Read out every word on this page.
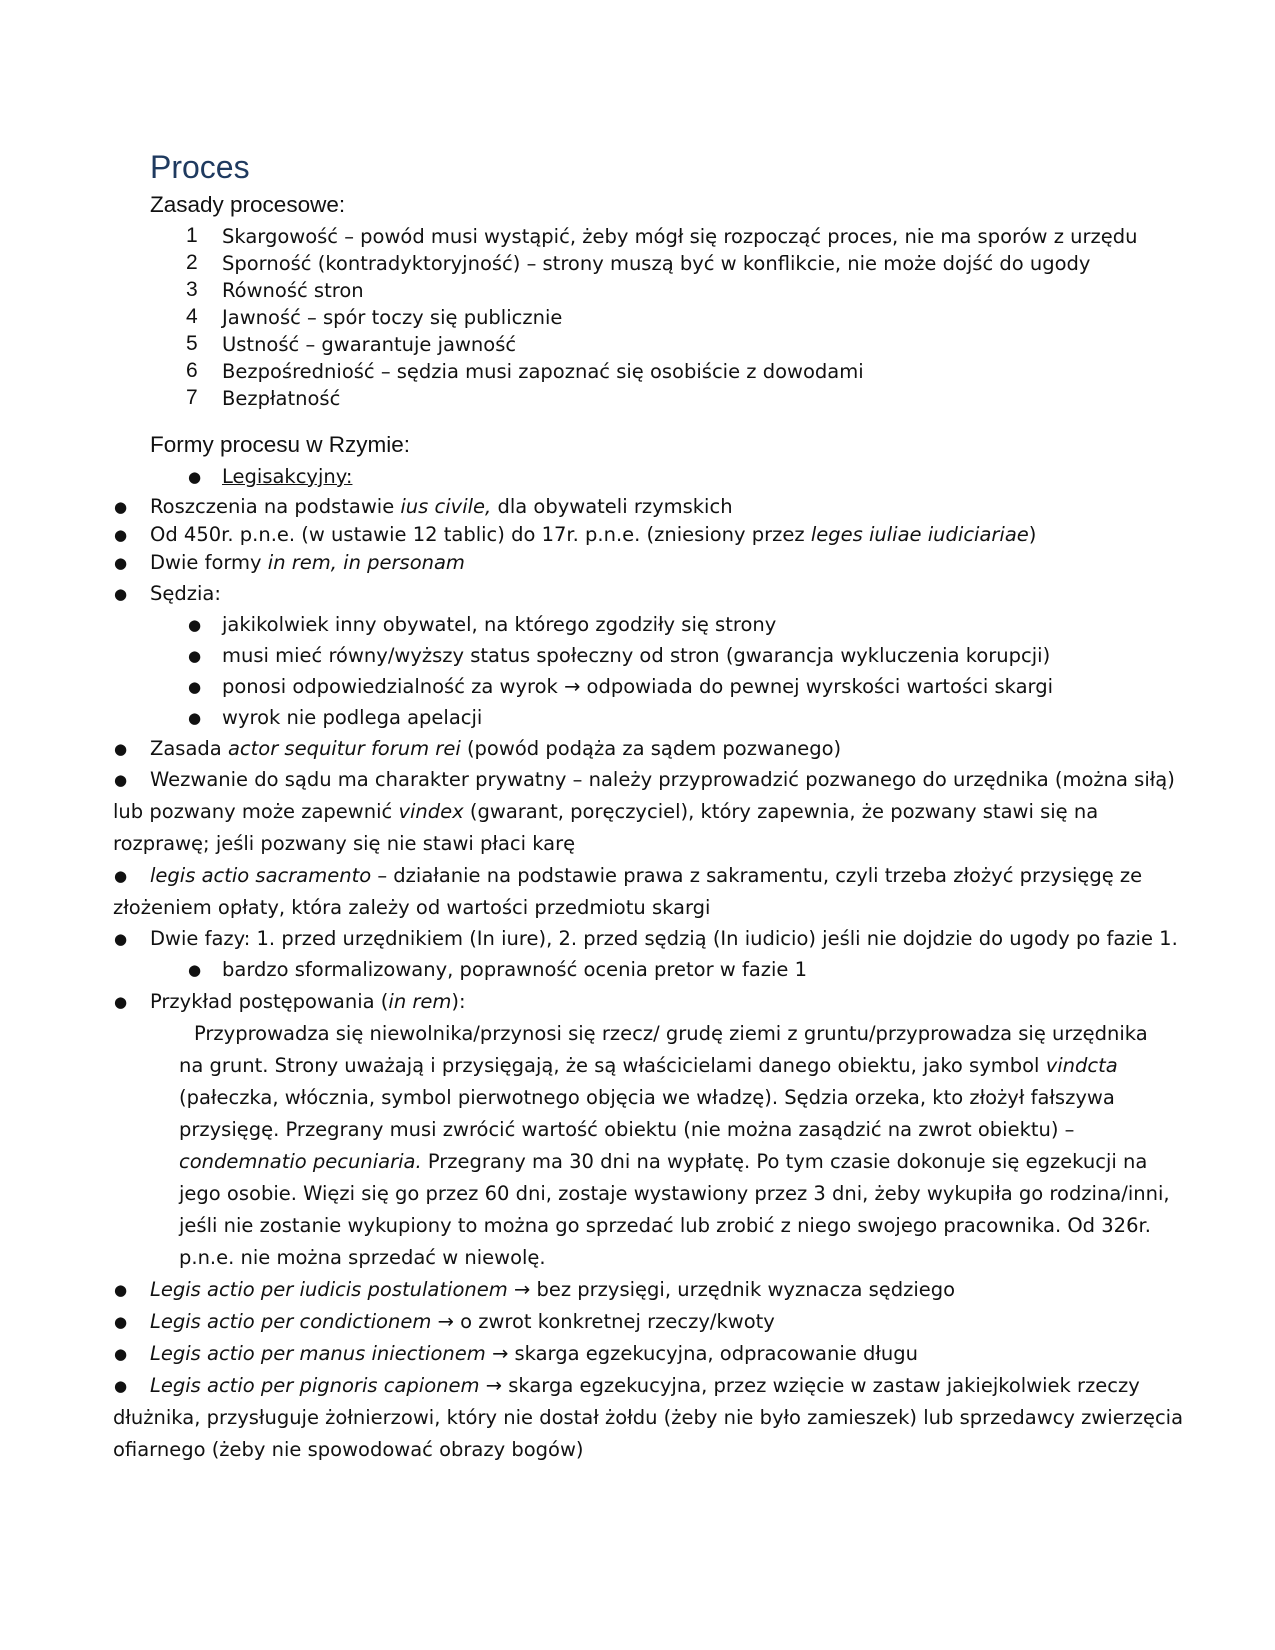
Proces
Zasady procesowe:
1	Skargowość – powód musi wystąpić, żeby mógł się rozpocząć proces, nie ma sporów z urzędu
2	Sporność (kontradyktoryjność) – strony muszą być w konflikcie, nie może dojść do ugody
3	Równość stron
4	Jawność – spór toczy się publicznie
5	Ustność – gwarantuje jawność
6	Bezpośredniość – sędzia musi zapoznać się osobiście z dowodami
7	Bezpłatność
Formy procesu w Rzymie:
● Legisakcyjny:
● Roszczenia na podstawie ius civile, dla obywateli rzymskich
● Od 450r. p.n.e. (w ustawie 12 tablic) do 17r. p.n.e. (zniesiony przez leges iuliae iudiciariae)
● Dwie formy in rem, in personam
● Sędzia:
● jakikolwiek inny obywatel, na którego zgodziły się strony
● musi mieć równy/wyższy status społeczny od stron (gwarancja wykluczenia korupcji)
● ponosi odpowiedzialność za wyrok → odpowiada do pewnej wyrskości wartości skargi
● wyrok nie podlega apelacji
● Zasada actor sequitur forum rei (powód podąża za sądem pozwanego)
● Wezwanie do sądu ma charakter prywatny – należy przyprowadzić pozwanego do urzędnika (można siłą)
lub pozwany może zapewnić vindex (gwarant, poręczyciel), który zapewnia, że pozwany stawi się na
rozprawę; jeśli pozwany się nie stawi płaci karę
● legis actio sacramento – działanie na podstawie prawa z sakramentu, czyli trzeba złożyć przysięgę ze
złożeniem opłaty, która zależy od wartości przedmiotu skargi
● Dwie fazy: 1. przed urzędnikiem (In iure), 2. przed sędzią (In iudicio) jeśli nie dojdzie do ugody po fazie 1.
● bardzo sformalizowany, poprawność ocenia pretor w fazie 1
● Przykład postępowania (in rem):
Przyprowadza się niewolnika/przynosi się rzecz/ grudę ziemi z gruntu/przyprowadza się urzędnika
na grunt. Strony uważają i przysięgają, że są właścicielami danego obiektu, jako symbol vindcta
(pałeczka, włócznia, symbol pierwotnego objęcia we władzę). Sędzia orzeka, kto złożył fałszywa
przysięgę. Przegrany musi zwrócić wartość obiektu (nie można zasądzić na zwrot obiektu) –
condemnatio pecuniaria. Przegrany ma 30 dni na wypłatę. Po tym czasie dokonuje się egzekucji na
jego osobie. Więzi się go przez 60 dni, zostaje wystawiony przez 3 dni, żeby wykupiła go rodzina/inni,
jeśli nie zostanie wykupiony to można go sprzedać lub zrobić z niego swojego pracownika. Od 326r.
p.n.e. nie można sprzedać w niewolę.
● Legis actio per iudicis postulationem → bez przysięgi, urzędnik wyznacza sędziego
● Legis actio per condictionem → o zwrot konkretnej rzeczy/kwoty
● Legis actio per manus iniectionem → skarga egzekucyjna, odpracowanie długu
● Legis actio per pignoris capionem → skarga egzekucyjna, przez wzięcie w zastaw jakiejkolwiek rzeczy
dłużnika, przysługuje żołnierzowi, który nie dostał żołdu (żeby nie było zamieszek) lub sprzedawcy zwierzęcia
ofiarnego (żeby nie spowodować obrazy bogów)
